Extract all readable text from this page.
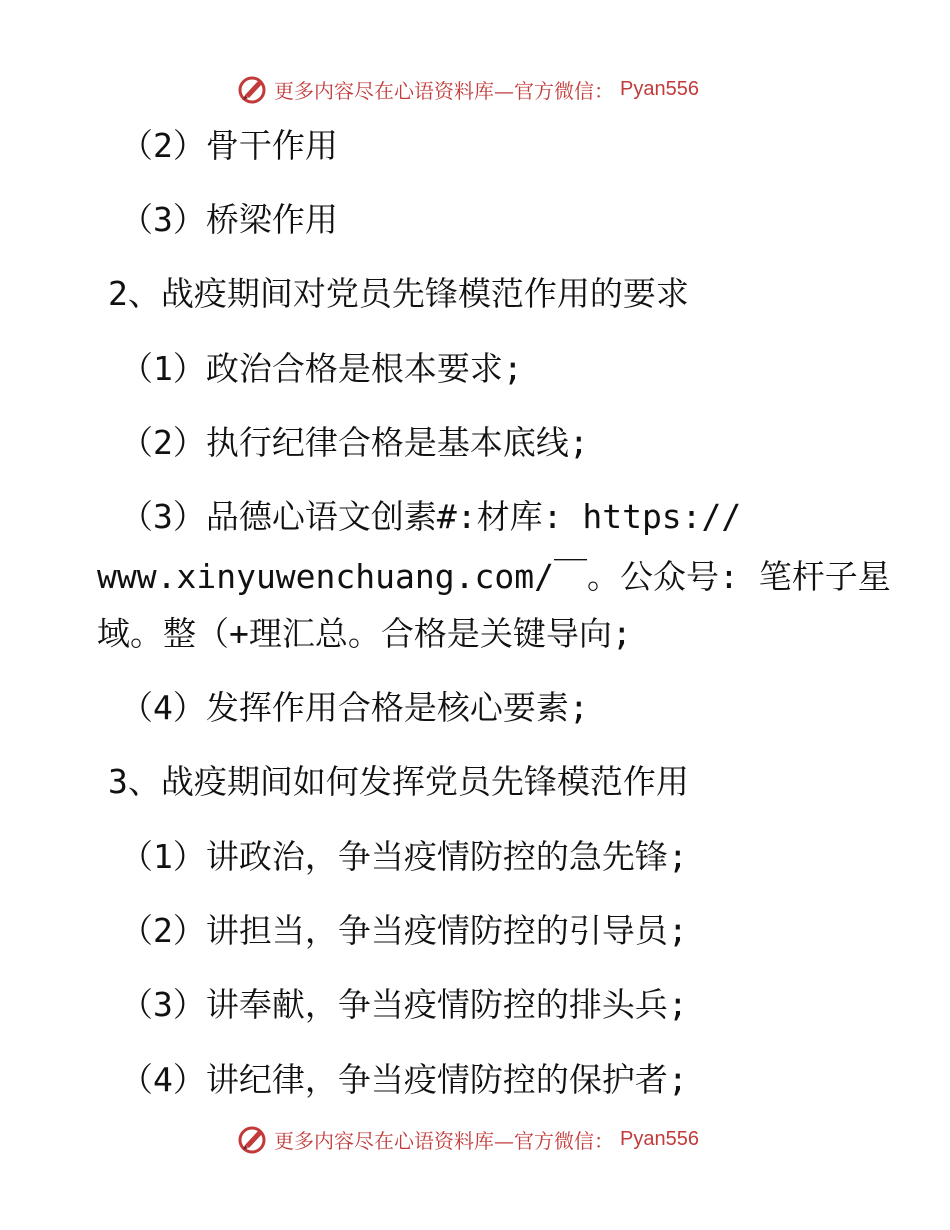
更多内容尽在心语资料库—官方微信： Pyan556
（2）骨干作用
（3）桥梁作用
2、战疫期间对党员先锋模范作用的要求
（1）政治合格是根本要求;
（2）执行纪律合格是基本底线;
（3）品德心语文创素#:材库: https://
www.xinyuwenchuang.com/￣。公众号: 笔杆子星
域。整（+理汇总。合格是关键导向;
（4）发挥作用合格是核心要素;
3、战疫期间如何发挥党员先锋模范作用
（1）讲政治，争当疫情防控的急先锋;
（2）讲担当，争当疫情防控的引导员;
（3）讲奉献，争当疫情防控的排头兵;
（4）讲纪律，争当疫情防控的保护者;
更多内容尽在心语资料库—官方微信： Pyan556
